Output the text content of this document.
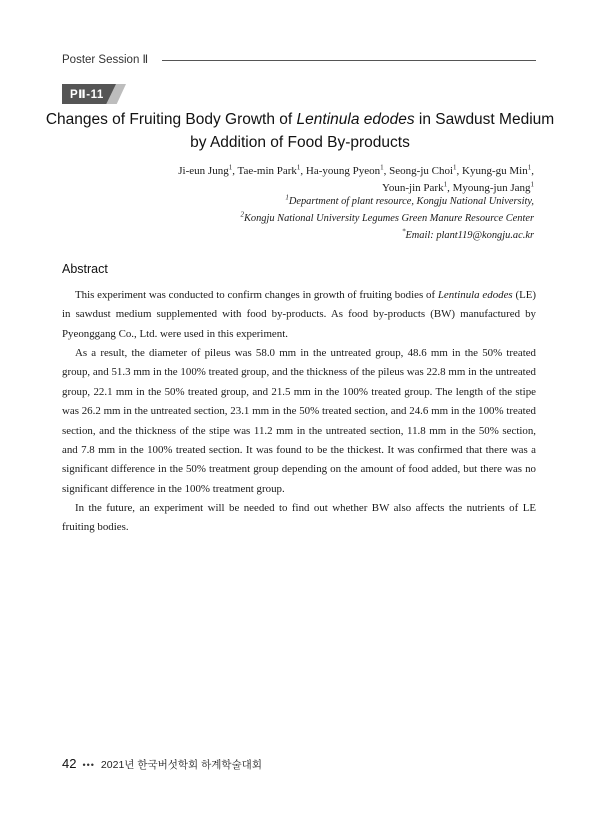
Poster Session Ⅱ
PⅡ-11
Changes of Fruiting Body Growth of Lentinula edodes in Sawdust Medium
by Addition of Food By-products
Ji-eun Jung$^1$, Tae-min Park$^1$, Ha-young Pyeon$^1$, Seong-ju Choi$^1$, Kyung-gu Min$^1$,
Youn-jin Park$^1$, Myoung-jun Jang$^1$
$^1$Department of plant resource, Kongju National University,
$^2$Kongju National University Legumes Green Manure Resource Center
*Email: plant119@kongju.ac.kr
Abstract

This experiment was conducted to confirm changes in growth of fruiting bodies of Lentinula edodes (LE) in sawdust medium supplemented with food by-products. As food by-products (BW) manufactured by Pyeonggang Co., Ltd. were used in this experiment.

As a result, the diameter of pileus was 58.0 mm in the untreated group, 48.6 mm in the 50% treated group, and 51.3 mm in the 100% treated group, and the thickness of the pileus was 22.8 mm in the untreated group, 22.1 mm in the 50% treated group, and 21.5 mm in the 100% treated group. The length of the stipe was 26.2 mm in the untreated section, 23.1 mm in the 50% treated section, and 24.6 mm in the 100% treated section, and the thickness of the stipe was 11.2 mm in the untreated section, 11.8 mm in the 50% section, and 7.8 mm in the 100% treated section. It was found to be the thickest. It was confirmed that there was a significant difference in the 50% treatment group depending on the amount of food added, but there was no significant difference in the 100% treatment group.

In the future, an experiment will be needed to find out whether BW also affects the nutrients of LE fruiting bodies.

42 ••• 2021년 한국버섯학회 하계학술대회
